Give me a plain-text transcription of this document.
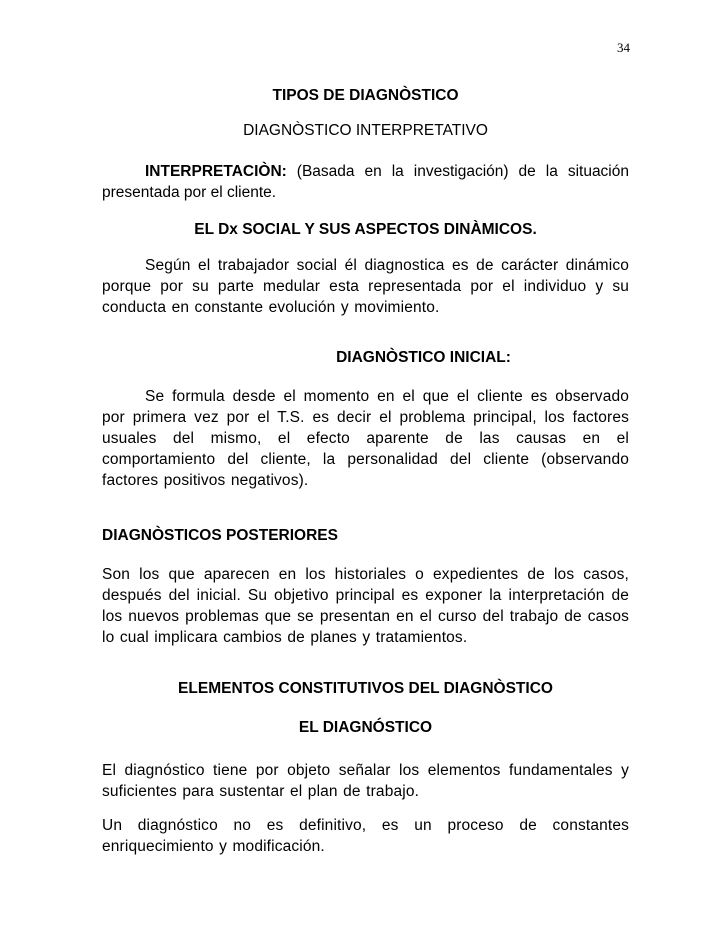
34
TIPOS DE DIAGNÒSTICO
DIAGNÒSTICO INTERPRETATIVO

INTERPRETACIÒN: (Basada en la investigación) de la situación presentada por el cliente.

EL Dx SOCIAL Y SUS ASPECTOS DINÀMICOS.

Según el trabajador social él diagnostica es de carácter dinámico porque por su parte medular esta representada por el individuo y su conducta en constante evolución y movimiento.

DIAGNÒSTICO INICIAL:

Se formula desde el momento en el que el cliente es observado por primera vez por el T.S. es decir el problema principal, los factores usuales del mismo, el efecto aparente de las causas en el comportamiento del cliente, la personalidad del cliente (observando factores positivos negativos).

DIAGNÒSTICOS POSTERIORES

Son los que aparecen en los historiales o expedientes de los casos, después del inicial. Su objetivo principal es exponer la interpretación de los nuevos problemas que se presentan en el curso del trabajo de casos lo cual implicara cambios de planes y tratamientos.

ELEMENTOS CONSTITUTIVOS DEL DIAGNÒSTICO
EL DIAGNÓSTICO

El diagnóstico tiene por objeto señalar los elementos fundamentales y suficientes para sustentar el plan de trabajo.

Un diagnóstico no es definitivo, es un proceso de constantes enriquecimiento y modificación.
